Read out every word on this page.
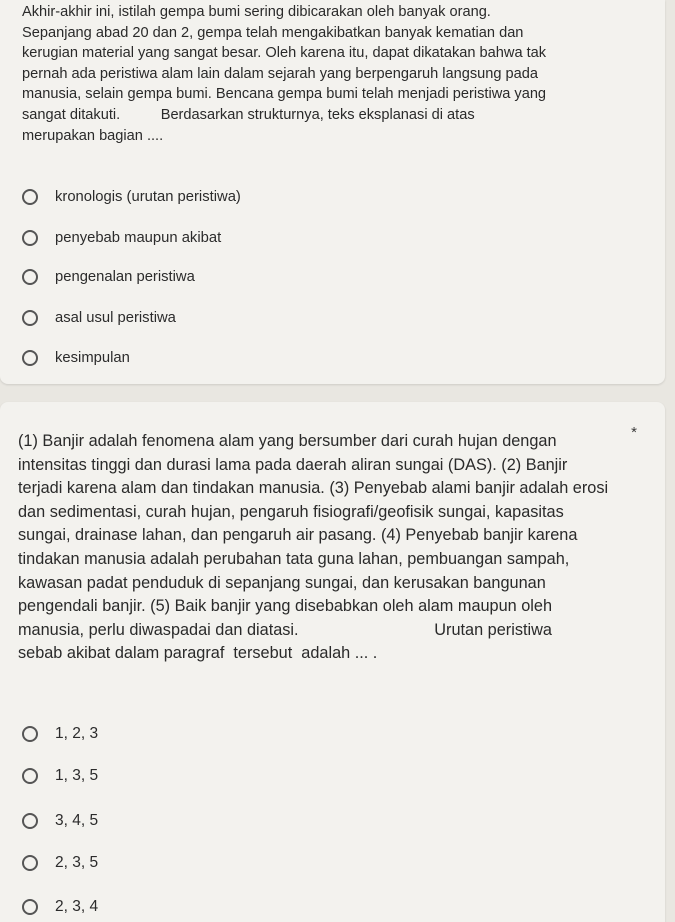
Akhir-akhir ini, istilah gempa bumi sering dibicarakan oleh banyak orang.
Sepanjang abad 20 dan 2, gempa telah mengakibatkan banyak kematian dan
kerugian material yang sangat besar. Oleh karena itu, dapat dikatakan bahwa tak
pernah ada peristiwa alam lain dalam sejarah yang berpengaruh langsung pada
manusia, selain gempa bumi. Bencana gempa bumi telah menjadi peristiwa yang
sangat ditakuti.          Berdasarkan strukturnya, teks eksplanasi di atas
merupakan bagian ....
kronologis (urutan peristiwa)
penyebab maupun akibat
pengenalan peristiwa
asal usul peristiwa
kesimpulan
*
(1) Banjir adalah fenomena alam yang bersumber dari curah hujan dengan
intensitas tinggi dan durasi lama pada daerah aliran sungai (DAS). (2) Banjir
terjadi karena alam dan tindakan manusia. (3) Penyebab alami banjir adalah erosi
dan sedimentasi, curah hujan, pengaruh fisiografi/geofisik sungai, kapasitas
sungai, drainase lahan, dan pengaruh air pasang. (4) Penyebab banjir karena
tindakan manusia adalah perubahan tata guna lahan, pembuangan sampah,
kawasan padat penduduk di sepanjang sungai, dan kerusakan bangunan
pengendali banjir. (5) Baik banjir yang disebabkan oleh alam maupun oleh
manusia, perlu diwaspadai dan diatasi.                              Urutan peristiwa
sebab akibat dalam paragraf  tersebut  adalah ... .
1, 2, 3
1, 3, 5
3, 4, 5
2, 3, 5
2, 3, 4
